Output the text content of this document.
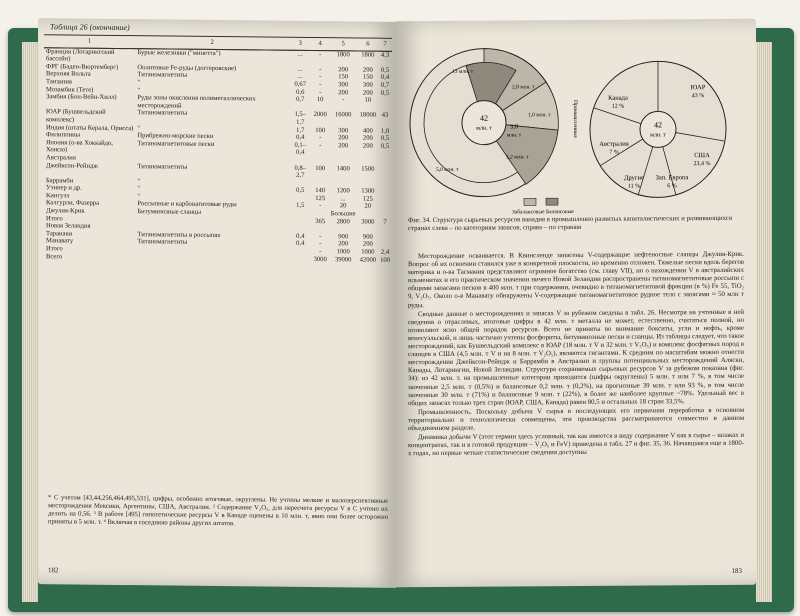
Таблица 26 (окончание)
1	2	3	4	5	6	7
Франция (Лотарингский бассейн)	Бурые железняки ("минетта")	...	-	1800	1800	4,3
ФРГ (Баден-Вюртемберг)	Оолитовые Fe-руды (доггеровские)	...	-	200	200	0,5
Верхняя Вольта	Титаномагнетиты	...	-	150	150	0,4
Танзания	"	0,67	-	300	300	0,7
Мозамбик (Тете)	"	0,6	-	200	200	0,5
Замбия (Бон-Вейн-Хилл)	Руды зоны окисления полиметаллических месторождений	0,7	10	-	10	
ЮАР (Бушвельдский комплекс)	Титаномагнетиты	1,5–1,7	2000	16000	18000	43
Индия (штаты Керала, Орисса)	"	1,7	100	300	400	1,0
Филиппины	Прибрежно-морские пески	0,4	-	200	200	0,5
Япония (о-ва Хоккайдо, Хонсю)	Титаномагнетитовые пески	0,1–0,4	-	200	200	0,5
Австралия						
Джейксон-Рейндж	Титаномагнетиты	0,8–2,7	100	1400	1500	
Баррамби	"					
Уэннер и др.	"	0,5	140	1200	1300	
Кингуэл	"		125	...	125	
Калгурли, Фазерра	Россыпные и карбонатитовые руды	1,5	-	20	20	
Джулия-Крик	Битуминозные сланцы			Большие		
Итого			365	2800	3000	7
Новая Зеландия						
Таранаки	Титаномагнетиты в россыпях	0,4	-	900	900	
Манавату	Титаномагнетиты	0,4	-	200	200	
Итого			-	1000	1000	2,4
Всего			3000	39000	42000	100
* С учетом [43,44,256,464,495,531], цифры, особенно итоговые, округлены. Не учтены мелкие и малоперспективные месторождения Мексики, Аргентины, США, Австралии. ² Содержание V₂O₅, для пересчета ресурсы V в С учтено их делить на 0,56. ³ В работе [495] гипотетические ресурсы V в Канаде оценены в 10 млн. т, явно они более осторожно приняты в 5 млн. т. ⁴ Включая в соседнюю районы других штатов.
182
42
млн. т	3,0
млн. т
13 млн. т
2,8 млн. т
1,0 млн. т
5,2 млн. т
5,0 млн. т
Промышленные	42
млн. т
ЮАР
43 %
Канада
12 %
Австралия
7 %
Другие
11 %
Зап. Европа
6 %
США
23,4 %
Забалансовые Балансовые
Фиг. 34. Структура сырьевых ресурсов ванадия в промышленно развитых капиталистических и развивающихся странах слева – по категориям запасов, справа – по странам

Месторождение осваивается. В Квинсленде запасены V-содержащие нефтеносные сланцы Джулия-Крик. Вопрос об их освоении ставился уже в конкретной плоскости, но временно отложен. Тяжелые пески вдоль берегов материка и о-ва Тасмания представляют огромное богатство (см. главу VII), но о нахождении V в австралийских ильменитах и его практическом значении ничего Новой Зеландии распространены титаномагнетитовые россыпи с общими запасами песков в 400 млн. т при содержании, очевидно в титаномагнетитовой фракции (в %) Fe 55, TiO₂ 9, V₂O₅. Около о-в Манавату обнаружены V-содержащие титаномагнетитовое рудное тело с запасами ≈ 50 млн т руды.

Сводные данные о месторождениях и запасах V за рубежом сведены в табл. 26. Несмотря на учтенные в ней сведения о отраслевых, итоговые цифры в 42 млн. т металла не может, естественно, считаться полной, но позволяют ясно общей порядок ресурсов. Всего не приняты во внимание бокситы, угли и нефть, кроме венесуэльской, и лишь частично учтены фосфориты, битуминозные пески и сланцы. Из таблицы следует, что такое месторождений, как Бушвельдский комплекс в ЮАР (18 млн. т V и 32 млн. т V₂O₅) и комплекс фосфатных пород в сланцев в США (4,5 млн. т V и на 8 млн. т V₂O₅), являются гигантами. К средним по масштабам можно отнести месторождения Джейксон-Рейндж и Баррамби в Австралии и группы потенциальных месторождений Аляски, Канады, Лотарингии, Новой Зеландии. Структура сохраняемых сырьевых ресурсов V за рубежом показана (фиг. 34): из 42 млн. т. на промышленные категории приходится (цифры округлены) 5 млн. т или 7 %, в том числе заоченные 2,5 млн. т (0,5%) и балансовые 0,2 млн. т (0,2%), на прогнозные 39 млн. т или 93 %, в том числе заоченные 30 млн. т (71%) и балансовые 9 млн. т (22%), в более же наиболее крупные ~78%. Удельный вес в общих запасах только трех стран (ЮАР, США, Канада) равен 80,5 и остальных 18 стран 33,5%.

Промышленность. Поскольку добыча V сырья в последующих его первичная переработка в основном территориально и технологически совмещены, эти производства рассматриваются совместно в данном объединенном разделе.

Динамика добычи V (этот термин здесь условный, так как имеется в виду содержание V как в сырье – шлаках и концентратах, так и в готовой продукции – V₂O₅ и FeV) приведена в табл. 27 и фиг. 35, 36. Начавшаяся еще в 1800-х годах, но первые четкие статистические сведения доступны

183
